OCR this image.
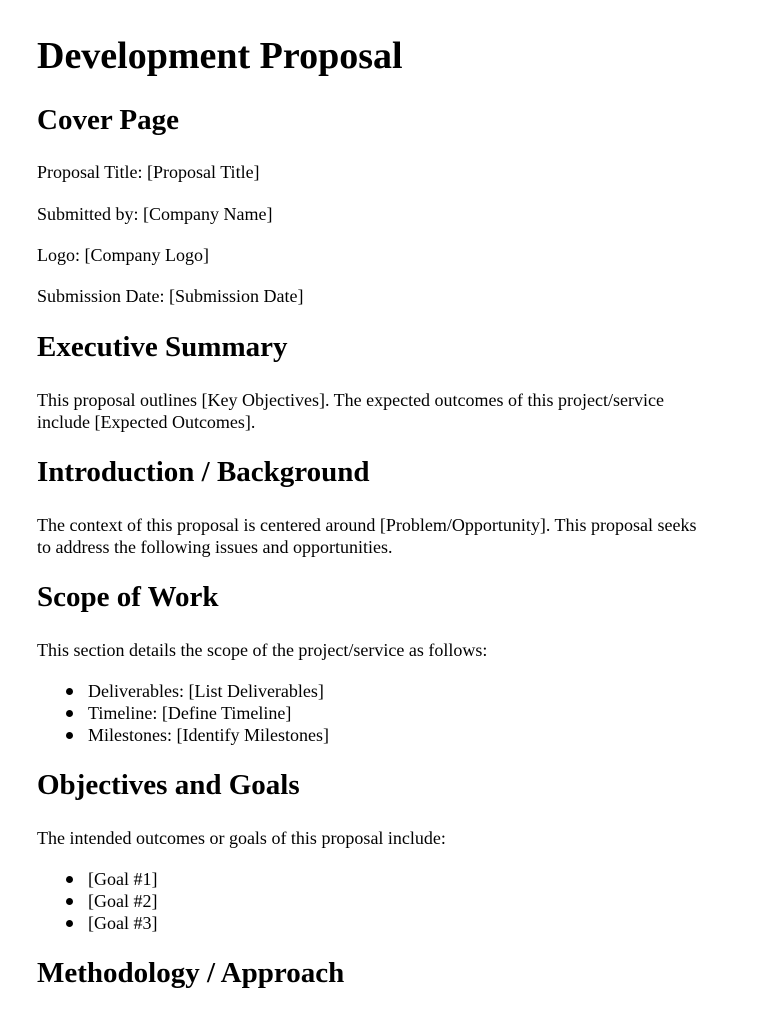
Development Proposal
Cover Page

Proposal Title: [Proposal Title]

Submitted by: [Company Name]

Logo: [Company Logo]

Submission Date: [Submission Date]

Executive Summary

This proposal outlines [Key Objectives]. The expected outcomes of this project/service include [Expected Outcomes].

Introduction / Background

The context of this proposal is centered around [Problem/Opportunity]. This proposal seeks to address the following issues and opportunities.

Scope of Work

This section details the scope of the project/service as follows:

Deliverables: [List Deliverables]
Timeline: [Define Timeline]
Milestones: [Identify Milestones]
Objectives and Goals

The intended outcomes or goals of this proposal include:

[Goal #1]
[Goal #2]
[Goal #3]
Methodology / Approach
